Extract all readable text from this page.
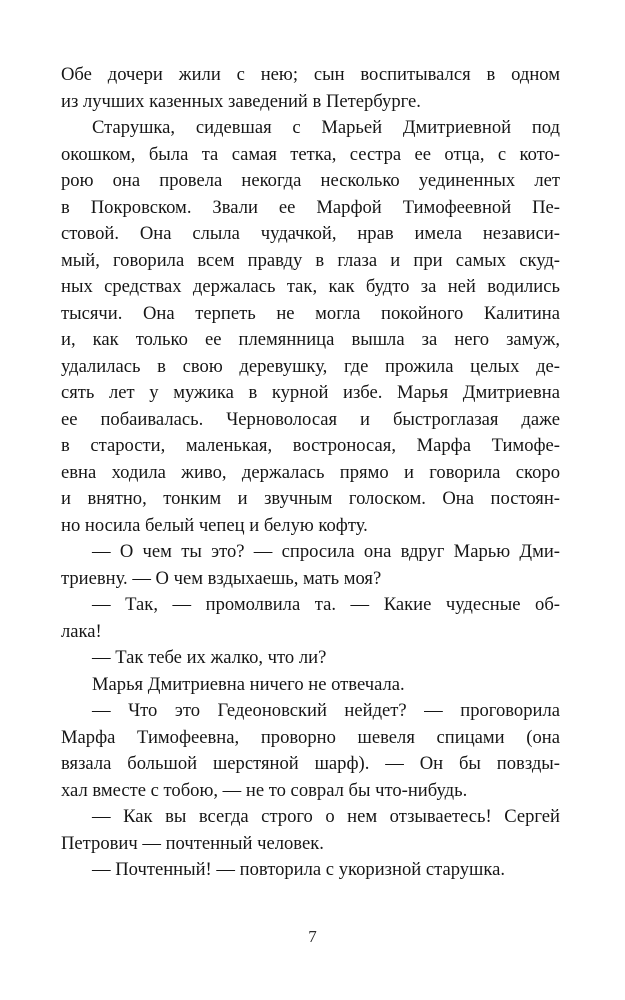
Обе дочери жили с нею; сын воспитывался в одном
из лучших казенных заведений в Петербурге.
Старушка, сидевшая с Марьей Дмитриевной под
окошком, была та самая тетка, сестра ее отца, с кото-
рою она провела некогда несколько уединенных лет
в Покровском. Звали ее Марфой Тимофеевной Пе-
стовой. Она слыла чудачкой, нрав имела независи-
мый, говорила всем правду в глаза и при самых скуд-
ных средствах держалась так, как будто за ней водились
тысячи. Она терпеть не могла покойного Калитина
и, как только ее племянница вышла за него замуж,
удалилась в свою деревушку, где прожила целых де-
сять лет у мужика в курной избе. Марья Дмитриевна
ее побаивалась. Черноволосая и быстроглазая даже
в старости, маленькая, востроносая, Марфа Тимофе-
евна ходила живо, держалась прямо и говорила скоро
и внятно, тонким и звучным голоском. Она постоян-
но носила белый чепец и белую кофту.
— О чем ты это? — спросила она вдруг Марью Дми-
триевну. — О чем вздыхаешь, мать моя?
— Так, — промолвила та. — Какие чудесные об-
лака!
— Так тебе их жалко, что ли?
Марья Дмитриевна ничего не отвечала.
— Что это Гедеоновский нейдет? — проговорила
Марфа Тимофеевна, проворно шевеля спицами (она
вязала большой шерстяной шарф). — Он бы повзды-
хал вместе с тобою, — не то соврал бы что-нибудь.
— Как вы всегда строго о нем отзываетесь! Сергей
Петрович — почтенный человек.
— Почтенный! — повторила с укоризной старушка.
7
